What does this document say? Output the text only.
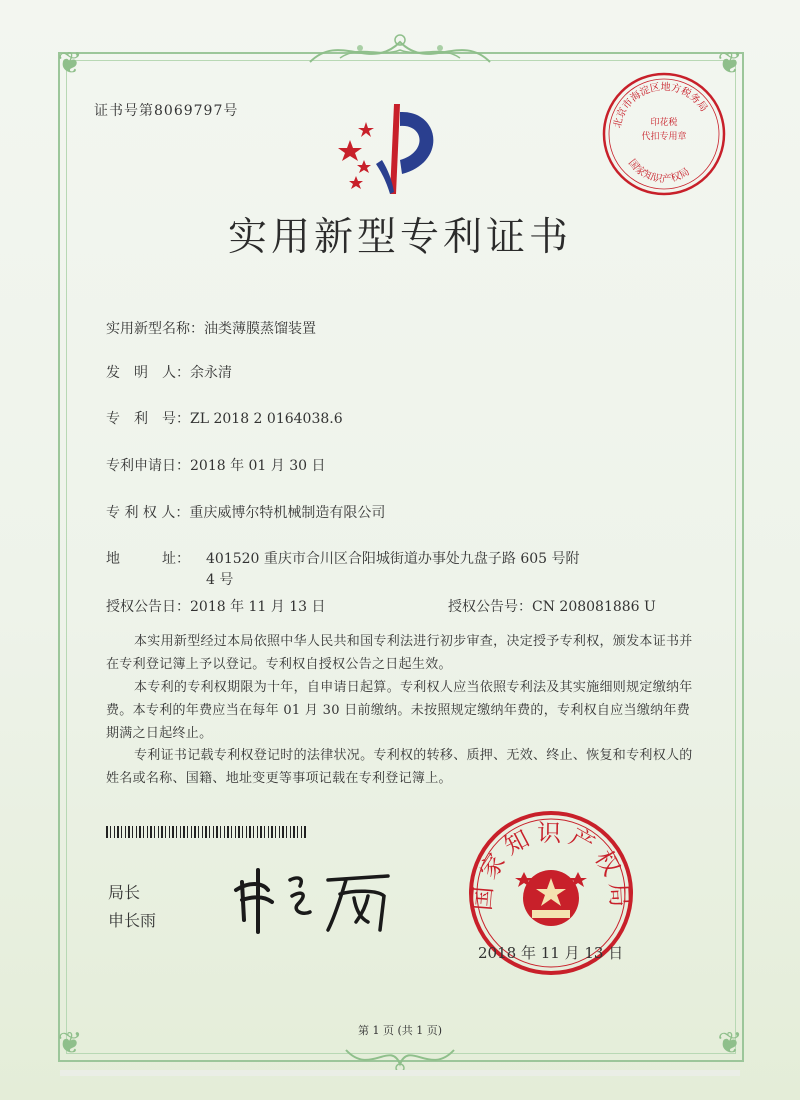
❦	❦
❦	❦
证书号第8069797号
北京市海淀区地方税务局
国家知识产权局
印花税
代扣专用章
实用新型专利证书
实用新型名称：油类薄膜蒸馏装置
发　明　人：余永清
专　利　号：ZL 2018 2 0164038.6
专利申请日：2018 年 01 月 30 日
专 利 权 人：重庆威博尔特机械制造有限公司
地　　　址： 401520 重庆市合川区合阳城街道办事处九盘子路 605 号附
4 号
授权公告日：2018 年 11 月 13 日	授权公告号：CN 208081886 U
本实用新型经过本局依照中华人民共和国专利法进行初步审查，决定授予专利权，颁发本证书并在专利登记簿上予以登记。专利权自授权公告之日起生效。
本专利的专利权期限为十年，自申请日起算。专利权人应当依照专利法及其实施细则规定缴纳年费。本专利的年费应当在每年 01 月 30 日前缴纳。未按照规定缴纳年费的，专利权自应当缴纳年费期满之日起终止。
专利证书记载专利权登记时的法律状况。专利权的转移、质押、无效、终止、恢复和专利权人的姓名或名称、国籍、地址变更等事项记载在专利登记簿上。
局长
申长雨
国家知识产权局
2018 年 11 月 13 日
第 1 页 (共 1 页)
